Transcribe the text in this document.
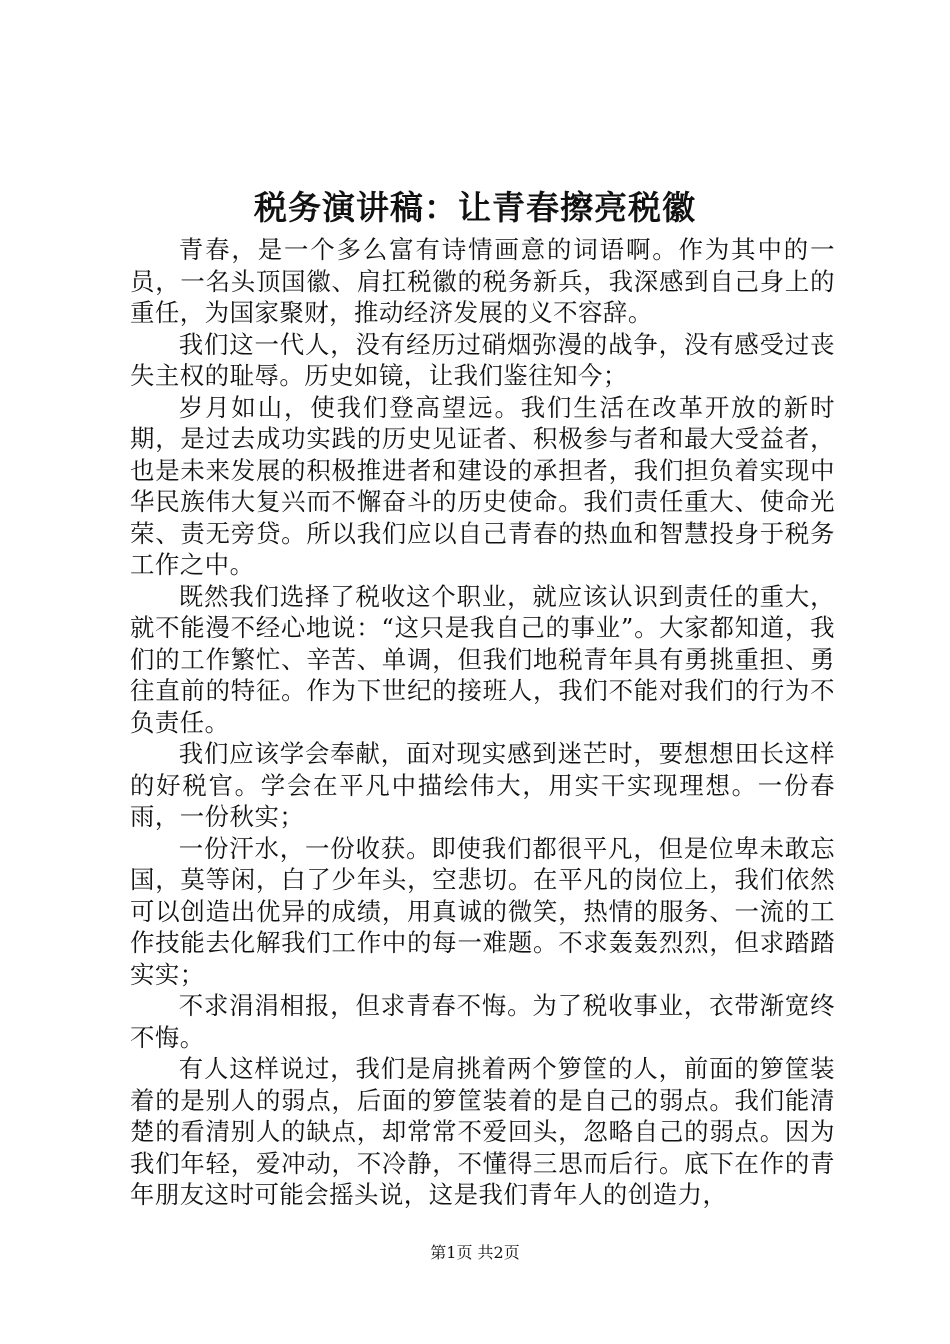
税务演讲稿：让青春擦亮税徽

青春，是一个多么富有诗情画意的词语啊。作为其中的一员，一名头顶国徽、肩扛税徽的税务新兵，我深感到自己身上的重任，为国家聚财，推动经济发展的义不容辞。

我们这一代人，没有经历过硝烟弥漫的战争，没有感受过丧失主权的耻辱。历史如镜，让我们鉴往知今；

岁月如山，使我们登高望远。我们生活在改革开放的新时期，是过去成功实践的历史见证者、积极参与者和最大受益者，也是未来发展的积极推进者和建设的承担者，我们担负着实现中华民族伟大复兴而不懈奋斗的历史使命。我们责任重大、使命光荣、责无旁贷。所以我们应以自己青春的热血和智慧投身于税务工作之中。

既然我们选择了税收这个职业，就应该认识到责任的重大，就不能漫不经心地说：“这只是我自己的事业”。大家都知道，我们的工作繁忙、辛苦、单调，但我们地税青年具有勇挑重担、勇往直前的特征。作为下世纪的接班人，我们不能对我们的行为不负责任。

我们应该学会奉献，面对现实感到迷芒时，要想想田长这样的好税官。学会在平凡中描绘伟大，用实干实现理想。一份春雨，一份秋实；

一份汗水，一份收获。即使我们都很平凡，但是位卑未敢忘国，莫等闲，白了少年头，空悲切。在平凡的岗位上，我们依然可以创造出优异的成绩，用真诚的微笑，热情的服务、一流的工作技能去化解我们工作中的每一难题。不求轰轰烈烈，但求踏踏实实；

不求涓涓相报，但求青春不悔。为了税收事业，衣带渐宽终不悔。

有人这样说过，我们是肩挑着两个箩筐的人，前面的箩筐装着的是别人的弱点，后面的箩筐装着的是自己的弱点。我们能清楚的看清别人的缺点，却常常不爱回头，忽略自己的弱点。因为我们年轻，爱冲动，不冷静，不懂得三思而后行。底下在作的青年朋友这时可能会摇头说，这是我们青年人的创造力，

第1页 共2页
